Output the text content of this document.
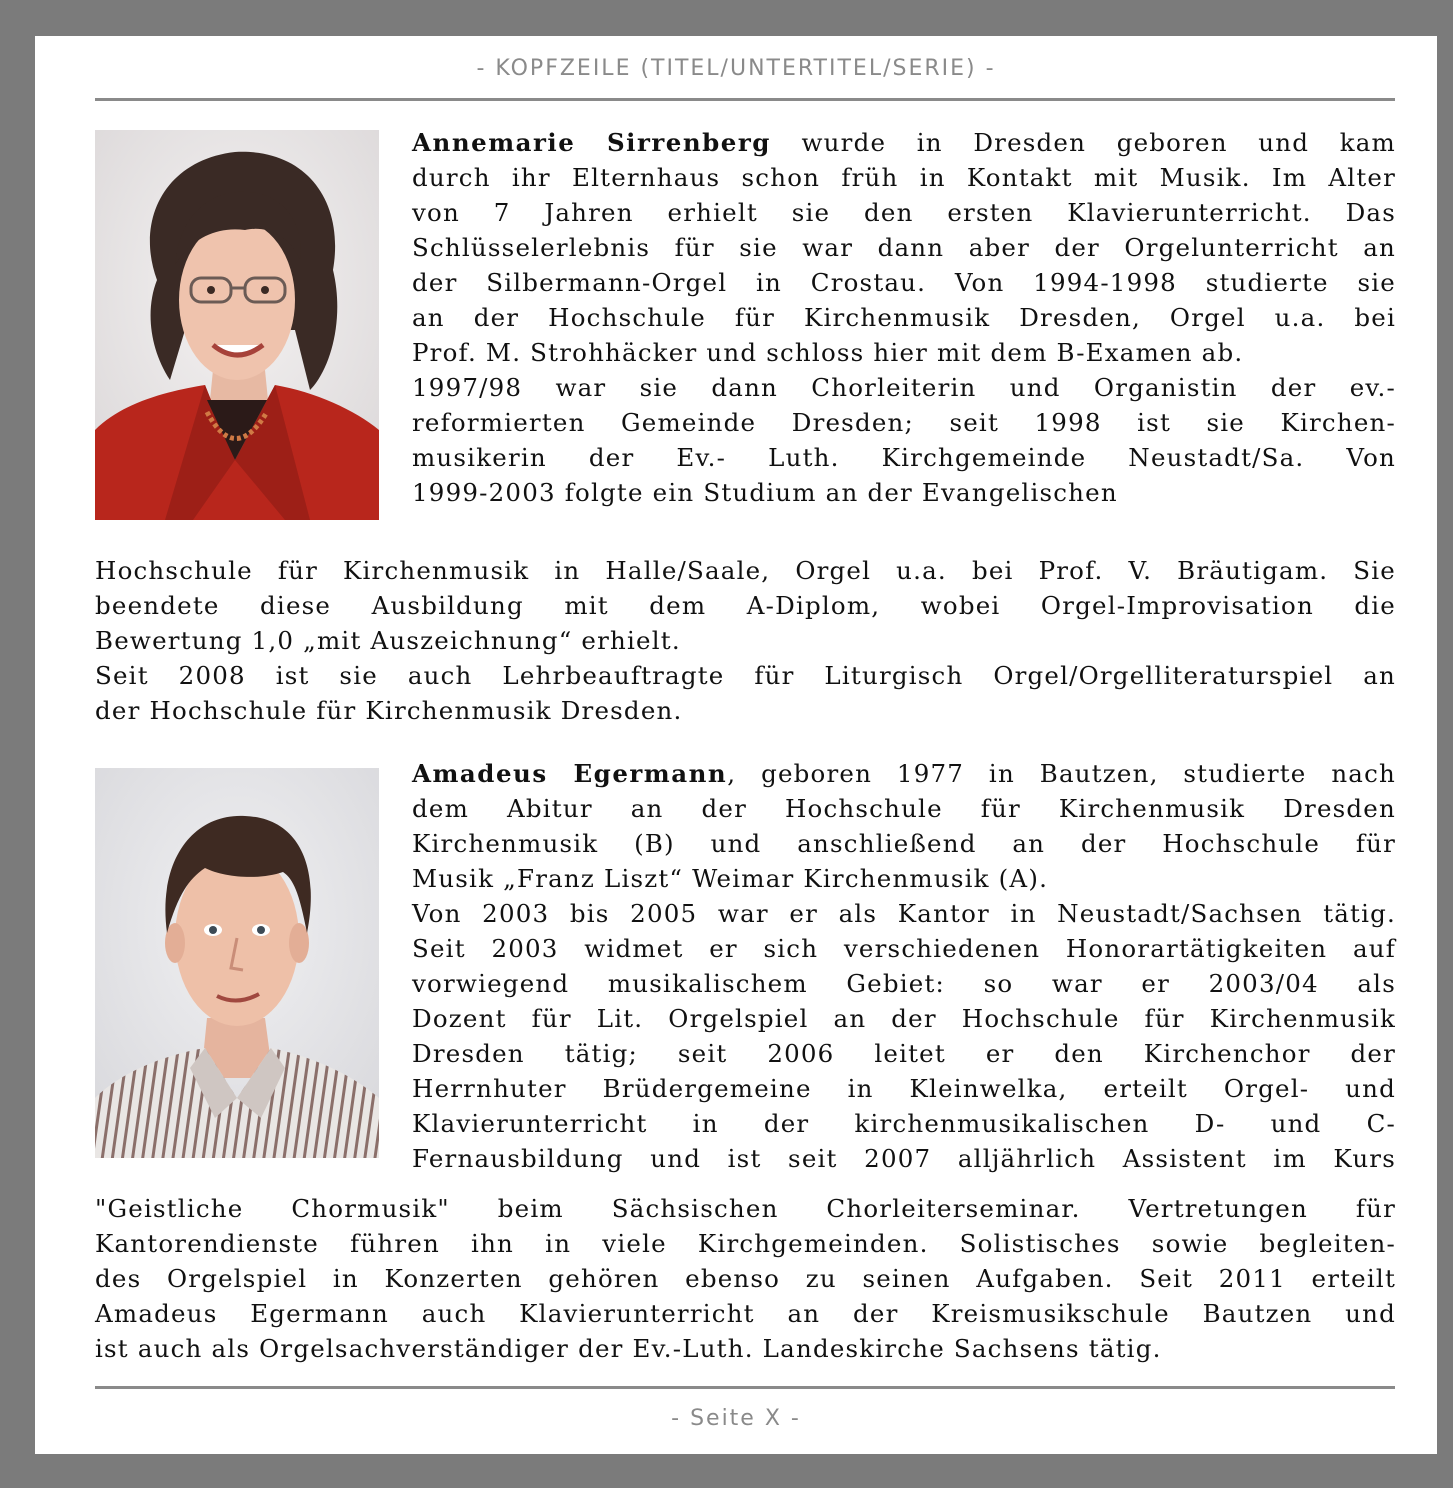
- KOPFZEILE (TITEL/UNTERTITEL/SERIE) -
Annemarie Sirrenberg wurde in Dresden geboren und kam
durch ihr Elternhaus schon früh in Kontakt mit Musik. Im Alter
von 7 Jahren erhielt sie den ersten Klavierunterricht. Das
Schlüsselerlebnis für sie war dann aber der Orgelunterricht an
der Silbermann-Orgel in Crostau. Von 1994-1998 studierte sie
an der Hochschule für Kirchenmusik Dresden, Orgel u.a. bei
Prof. M. Strohhäcker und schloss hier mit dem B-Examen ab.
1997/98 war sie dann Chorleiterin und Organistin der ev.-
reformierten Gemeinde Dresden; seit 1998 ist sie Kirchen-
musikerin der Ev.- Luth. Kirchgemeinde Neustadt/Sa. Von
1999-2003 folgte ein Studium an der Evangelischen
Hochschule für Kirchenmusik in Halle/Saale, Orgel u.a. bei Prof. V. Bräutigam. Sie
beendete diese Ausbildung mit dem A-Diplom, wobei Orgel-Improvisation die
Bewertung 1,0 „mit Auszeichnung“ erhielt.
Seit 2008 ist sie auch Lehrbeauftragte für Liturgisch Orgel/Orgelliteraturspiel an
der Hochschule für Kirchenmusik Dresden.
Amadeus Egermann, geboren 1977 in Bautzen, studierte nach
dem Abitur an der Hochschule für Kirchenmusik Dresden
Kirchenmusik (B) und anschließend an der Hochschule für
Musik „Franz Liszt“ Weimar Kirchenmusik (A).
Von 2003 bis 2005 war er als Kantor in Neustadt/Sachsen tätig.
Seit 2003 widmet er sich verschiedenen Honorartätigkeiten auf
vorwiegend musikalischem Gebiet: so war er 2003/04 als
Dozent für Lit. Orgelspiel an der Hochschule für Kirchenmusik
Dresden tätig; seit 2006 leitet er den Kirchenchor der
Herrnhuter Brüdergemeine in Kleinwelka, erteilt Orgel- und
Klavierunterricht in der kirchenmusikalischen D- und C-
Fernausbildung und ist seit 2007 alljährlich Assistent im Kurs
"Geistliche Chormusik" beim Sächsischen Chorleiterseminar. Vertretungen für
Kantorendienste führen ihn in viele Kirchgemeinden. Solistisches sowie begleiten-
des Orgelspiel in Konzerten gehören ebenso zu seinen Aufgaben. Seit 2011 erteilt
Amadeus Egermann auch Klavierunterricht an der Kreismusikschule Bautzen und
ist auch als Orgelsachverständiger der Ev.-Luth. Landeskirche Sachsens tätig.
- Seite X -
